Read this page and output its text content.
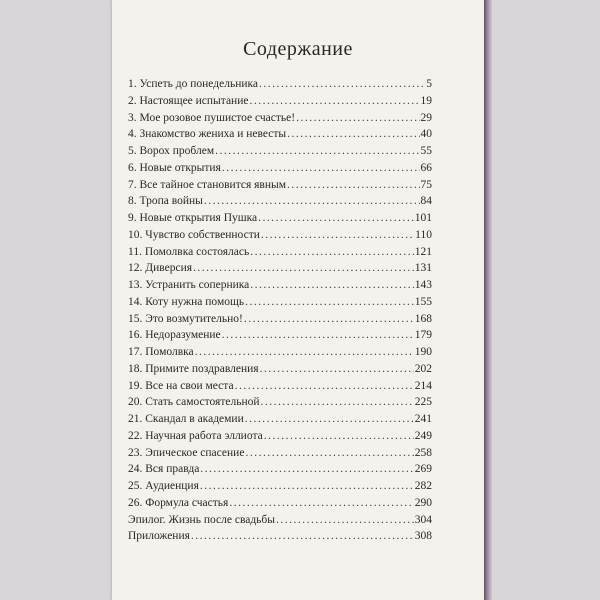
Содержание
1. Успеть до понедельника .....	5
2. Настоящее испытание .....	19
3. Мое розовое пушистое счастье! .....	29
4. Знакомство жениха и невесты .....	40
5. Ворох проблем .....	55
6. Новые открытия .....	66
7. Все тайное становится явным .....	75
8. Тропа войны .....	84
9. Новые открытия Пушка .....	101
10. Чувство собственности .....	110
11. Помолвка состоялась .....	121
12. Диверсия .....	131
13. Устранить соперника .....	143
14. Коту нужна помощь .....	155
15. Это возмутительно! .....	168
16. Недоразумение .....	179
17. Помолвка .....	190
18. Примите поздравления .....	202
19. Все на свои места .....	214
20. Стать самостоятельной .....	225
21. Скандал в академии .....	241
22. Научная работа эллиота .....	249
23. Эпическое спасение .....	258
24. Вся правда .....	269
25. Аудиенция .....	282
26. Формула счастья .....	290
Эпилог. Жизнь после свадьбы .....	304
Приложения .....	308
